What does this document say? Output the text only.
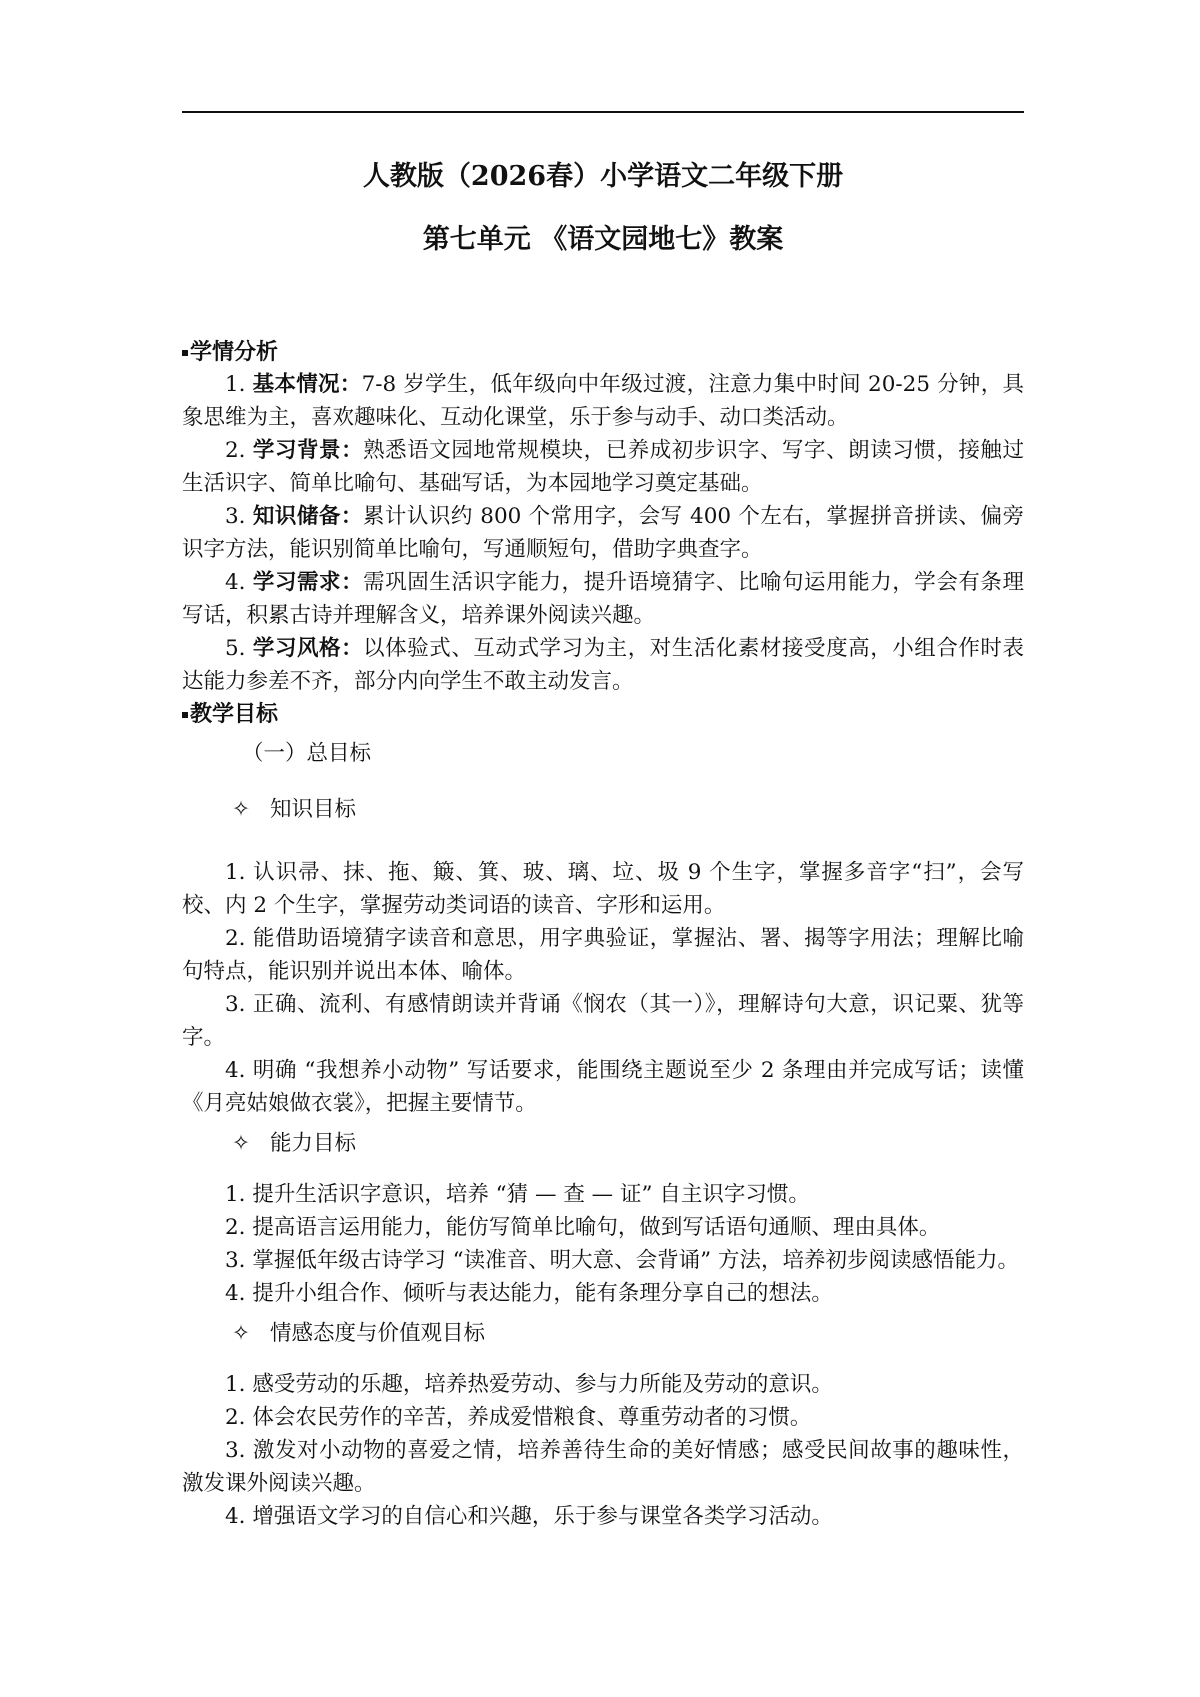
人教版（2026春）小学语文二年级下册
第七单元 《语文园地七》教案

学情分析

1. 基本情况：7-8 岁学生，低年级向中年级过渡，注意力集中时间 20-25 分钟，具象思维为主，喜欢趣味化、互动化课堂，乐于参与动手、动口类活动。

2. 学习背景：熟悉语文园地常规模块，已养成初步识字、写字、朗读习惯，接触过生活识字、简单比喻句、基础写话，为本园地学习奠定基础。

3. 知识储备：累计认识约 800 个常用字，会写 400 个左右，掌握拼音拼读、偏旁识字方法，能识别简单比喻句，写通顺短句，借助字典查字。

4. 学习需求：需巩固生活识字能力，提升语境猜字、比喻句运用能力，学会有条理写话，积累古诗并理解含义，培养课外阅读兴趣。

5. 学习风格：以体验式、互动式学习为主，对生活化素材接受度高，小组合作时表达能力参差不齐，部分内向学生不敢主动发言。

教学目标

（一）总目标

✧ 知识目标

1. 认识帚、抹、拖、簸、箕、玻、璃、垃、圾 9 个生字，掌握多音字“扫”，会写校、内 2 个生字，掌握劳动类词语的读音、字形和运用。

2. 能借助语境猜字读音和意思，用字典验证，掌握沾、署、揭等字用法；理解比喻句特点，能识别并说出本体、喻体。

3. 正确、流利、有感情朗读并背诵《悯农（其一）》，理解诗句大意，识记粟、犹等字。

4. 明确 “我想养小动物” 写话要求，能围绕主题说至少 2 条理由并完成写话；读懂《月亮姑娘做衣裳》，把握主要情节。

✧ 能力目标

1. 提升生活识字意识，培养 “猜 — 查 — 证” 自主识字习惯。

2. 提高语言运用能力，能仿写简单比喻句，做到写话语句通顺、理由具体。

3. 掌握低年级古诗学习 “读准音、明大意、会背诵” 方法，培养初步阅读感悟能力。

4. 提升小组合作、倾听与表达能力，能有条理分享自己的想法。

✧ 情感态度与价值观目标

1. 感受劳动的乐趣，培养热爱劳动、参与力所能及劳动的意识。

2. 体会农民劳作的辛苦，养成爱惜粮食、尊重劳动者的习惯。

3. 激发对小动物的喜爱之情，培养善待生命的美好情感；感受民间故事的趣味性，激发课外阅读兴趣。

4. 增强语文学习的自信心和兴趣，乐于参与课堂各类学习活动。
